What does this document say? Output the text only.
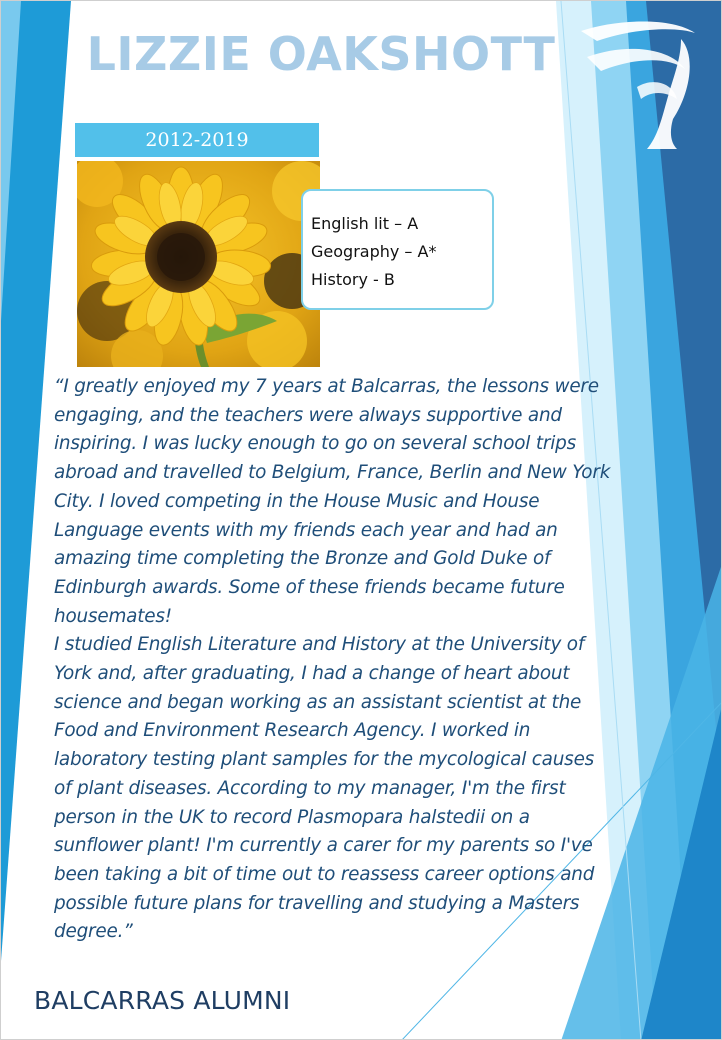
LIZZIE OAKSHOTT
2012-2019
English lit – A
Geography – A*
History - B

“I greatly enjoyed my 7 years at Balcarras, the lessons were engaging, and the teachers were always supportive and inspiring. I was lucky enough to go on several school trips abroad and travelled to Belgium, France, Berlin and New York City. I loved competing in the House Music and House Language events with my friends each year and had an amazing time completing the Bronze and Gold Duke of Edinburgh awards. Some of these friends became future housemates!

I studied English Literature and History at the University of York and, after graduating, I had a change of heart about science and began working as an assistant scientist at the Food and Environment Research Agency. I worked in laboratory testing plant samples for the mycological causes of plant diseases. According to my manager, I'm the first person in the UK to record Plasmopara halstedii on a sunflower plant! I'm currently a carer for my parents so I've been taking a bit of time out to reassess career options and possible future plans for travelling and studying a Masters degree.”

BALCARRAS ALUMNI
